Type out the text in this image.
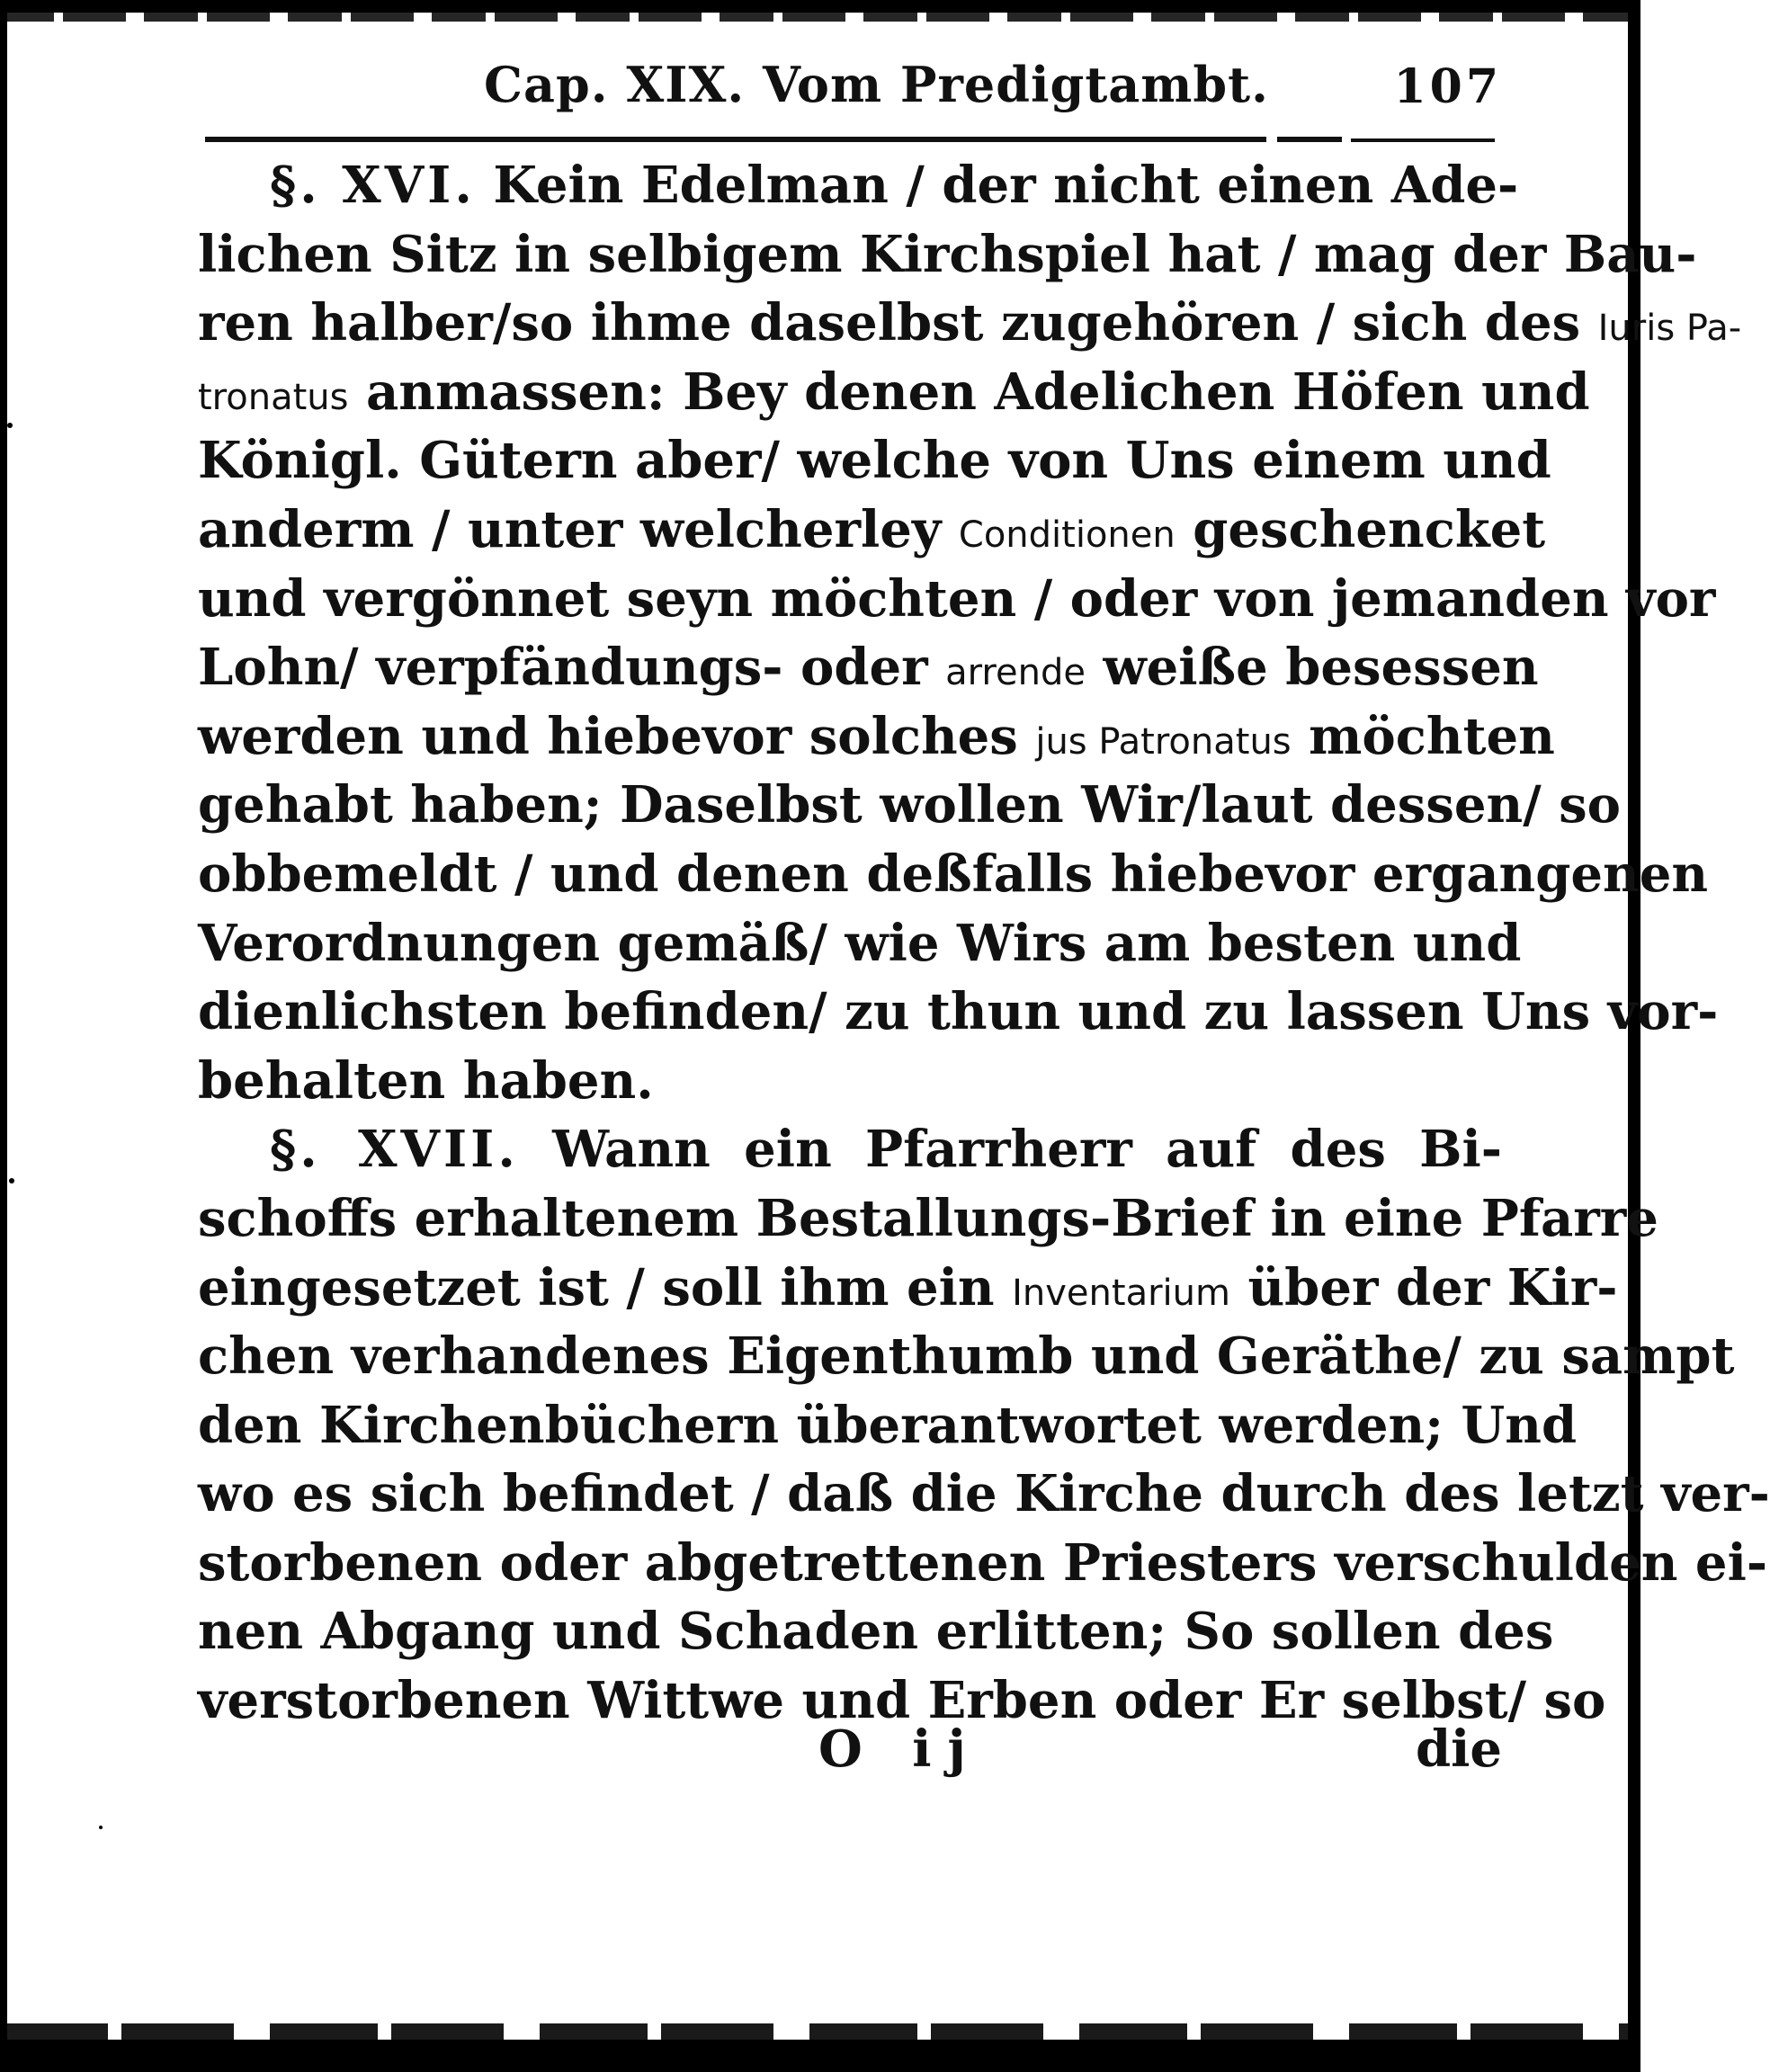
Cap. XIX. Vom Predigtambt.	107
§. XVI. Kein Edelman / der nicht einen Ade-
lichen Sitz in selbigem Kirchspiel hat / mag der Bau-
ren halber/so ihme daselbst zugehören / sich des Iuris Pa-
tronatus anmassen: Bey denen Adelichen Höfen und
Königl. Gütern aber/ welche von Uns einem und
anderm / unter welcherley Conditionen geschencket
und vergönnet seyn möchten / oder von jemanden vor
Lohn/ verpfändungs- oder arrende weiße besessen
werden und hiebevor solches jus Patronatus möchten
gehabt haben; Daselbst wollen Wir/laut dessen/ so
obbemeldt / und denen deßfalls hiebevor ergangenen
Verordnungen gemäß/ wie Wirs am besten und
dienlichsten befinden/ zu thun und zu lassen Uns vor-
behalten haben.
§. XVII. Wann ein Pfarrherr auf des Bi-
schoffs erhaltenem Bestallungs-Brief in eine Pfarre
eingesetzet ist / soll ihm ein Inventarium über der Kir-
chen verhandenes Eigenthumb und Geräthe/ zu sampt
den Kirchenbüchern überantwortet werden; Und
wo es sich befindet / daß die Kirche durch des letzt ver-
storbenen oder abgetrettenen Priesters verschulden ei-
nen Abgang und Schaden erlitten; So sollen des
verstorbenen Wittwe und Erben oder Er selbst/ so
O ij	die
